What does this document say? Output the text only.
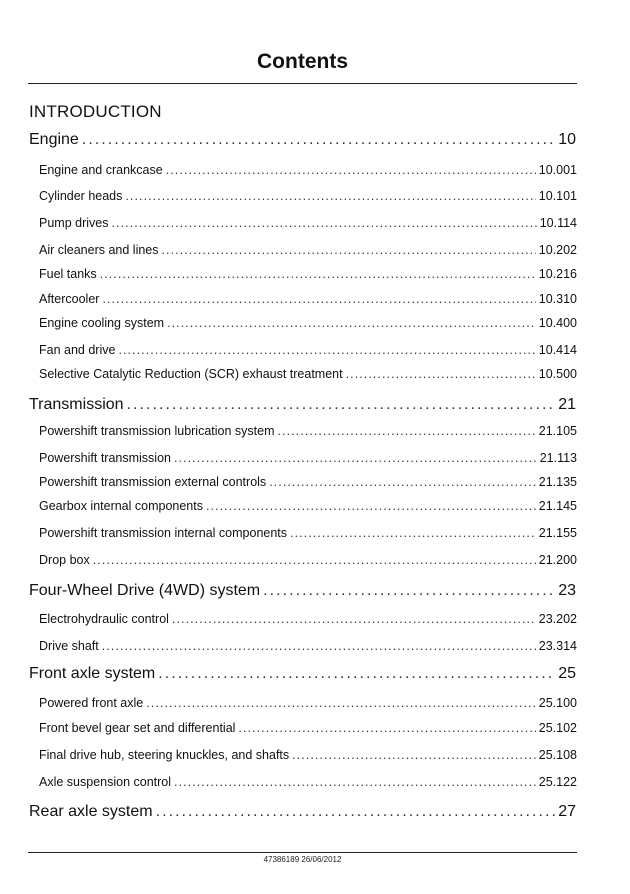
Contents
INTRODUCTION
Engine . . .	10
Engine and crankcase . . .	10.001
Cylinder heads . . .	10.101
Pump drives . . .	10.114
Air cleaners and lines . . .	10.202
Fuel tanks . . .	10.216
Aftercooler . . .	10.310
Engine cooling system . . .	10.400
Fan and drive . . .	10.414
Selective Catalytic Reduction (SCR) exhaust treatment . . .	10.500
Transmission . . .	21
Powershift transmission lubrication system . . .	21.105
Powershift transmission . . .	21.113
Powershift transmission external controls . . .	21.135
Gearbox internal components . . .	21.145
Powershift transmission internal components . . .	21.155
Drop box . . .	21.200
Four-Wheel Drive (4WD) system . . .	23
Electrohydraulic control . . .	23.202
Drive shaft . . .	23.314
Front axle system . . .	25
Powered front axle . . .	25.100
Front bevel gear set and differential . . .	25.102
Final drive hub, steering knuckles, and shafts . . .	25.108
Axle suspension control . . .	25.122
Rear axle system . . .	27
47386189 26/06/2012
